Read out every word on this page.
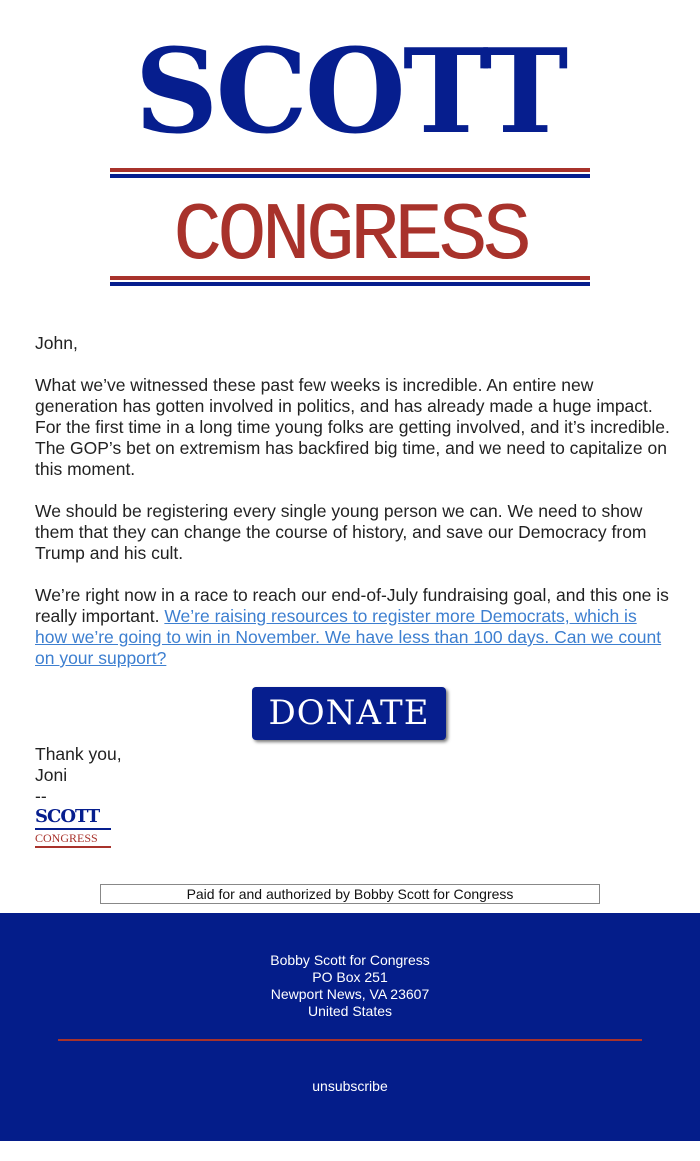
SCOTT
CONGRESS

John,

What we’ve witnessed these past few weeks is incredible. An entire new generation has gotten involved in politics, and has already made a huge impact. For the first time in a long time young folks are getting involved, and it’s incredible. The GOP’s bet on extremism has backfired big time, and we need to capitalize on this moment.

We should be registering every single young person we can. We need to show them that they can change the course of history, and save our Democracy from Trump and his cult.

We’re right now in a race to reach our end-of-July fundraising goal, and this one is really important. We’re raising resources to register more Democrats, which is how we’re going to win in November. We have less than 100 days. Can we count on your support?

DONATE
Thank you,
Joni
--
SCOTT
CONGRESS
Paid for and authorized by Bobby Scott for Congress
Bobby Scott for Congress
PO Box 251
Newport News, VA 23607
United States
unsubscribe
